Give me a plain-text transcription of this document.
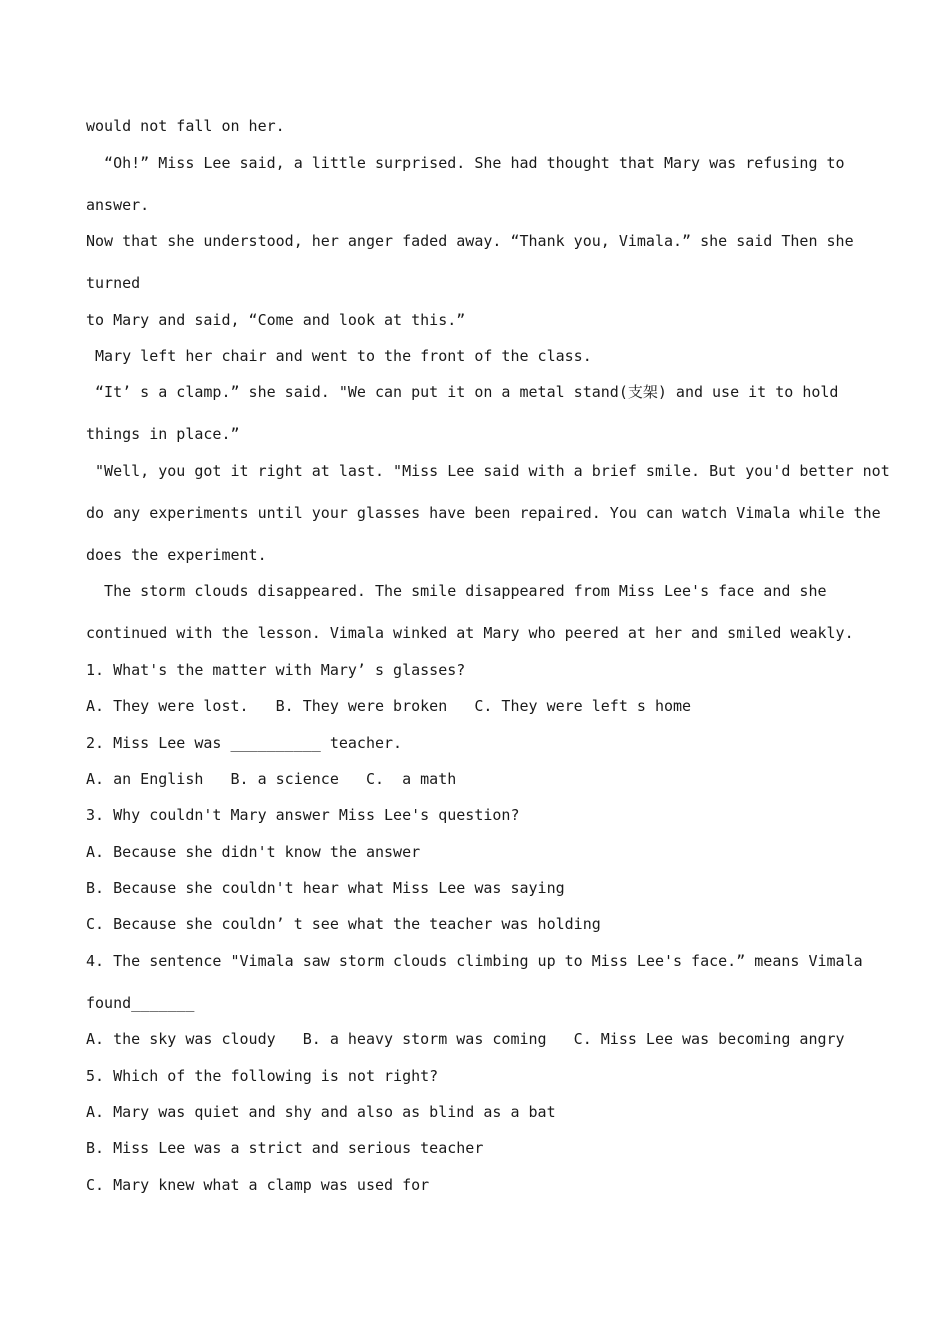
would not fall on her.
“Oh!” Miss Lee said, a little surprised. She had thought that Mary was refusing to
answer.
Now that she understood, her anger faded away. “Thank you, Vimala.” she said Then she
turned
to Mary and said, “Come and look at this.”
Mary left her chair and went to the front of the class.
“It’ s a clamp.” she said. "We can put it on a metal stand(支架) and use it to hold
things in place.”
"Well, you got it right at last. "Miss Lee said with a brief smile. But you'd better not
do any experiments until your glasses have been repaired. You can watch Vimala while the
does the experiment.
The storm clouds disappeared. The smile disappeared from Miss Lee's face and she
continued with the lesson. Vimala winked at Mary who peered at her and smiled weakly.
1. What's the matter with Mary’ s glasses?
A. They were lost.   B. They were broken   C. They were left s home
2. Miss Lee was __________ teacher.
A. an English   B. a science   C.  a math
3. Why couldn't Mary answer Miss Lee's question?
A. Because she didn't know the answer
B. Because she couldn't hear what Miss Lee was saying
C. Because she couldn’ t see what the teacher was holding
4. The sentence "Vimala saw storm clouds climbing up to Miss Lee's face.” means Vimala
found_______
A. the sky was cloudy   B. a heavy storm was coming   C. Miss Lee was becoming angry
5. Which of the following is not right?
A. Mary was quiet and shy and also as blind as a bat
B. Miss Lee was a strict and serious teacher
C. Mary knew what a clamp was used for
